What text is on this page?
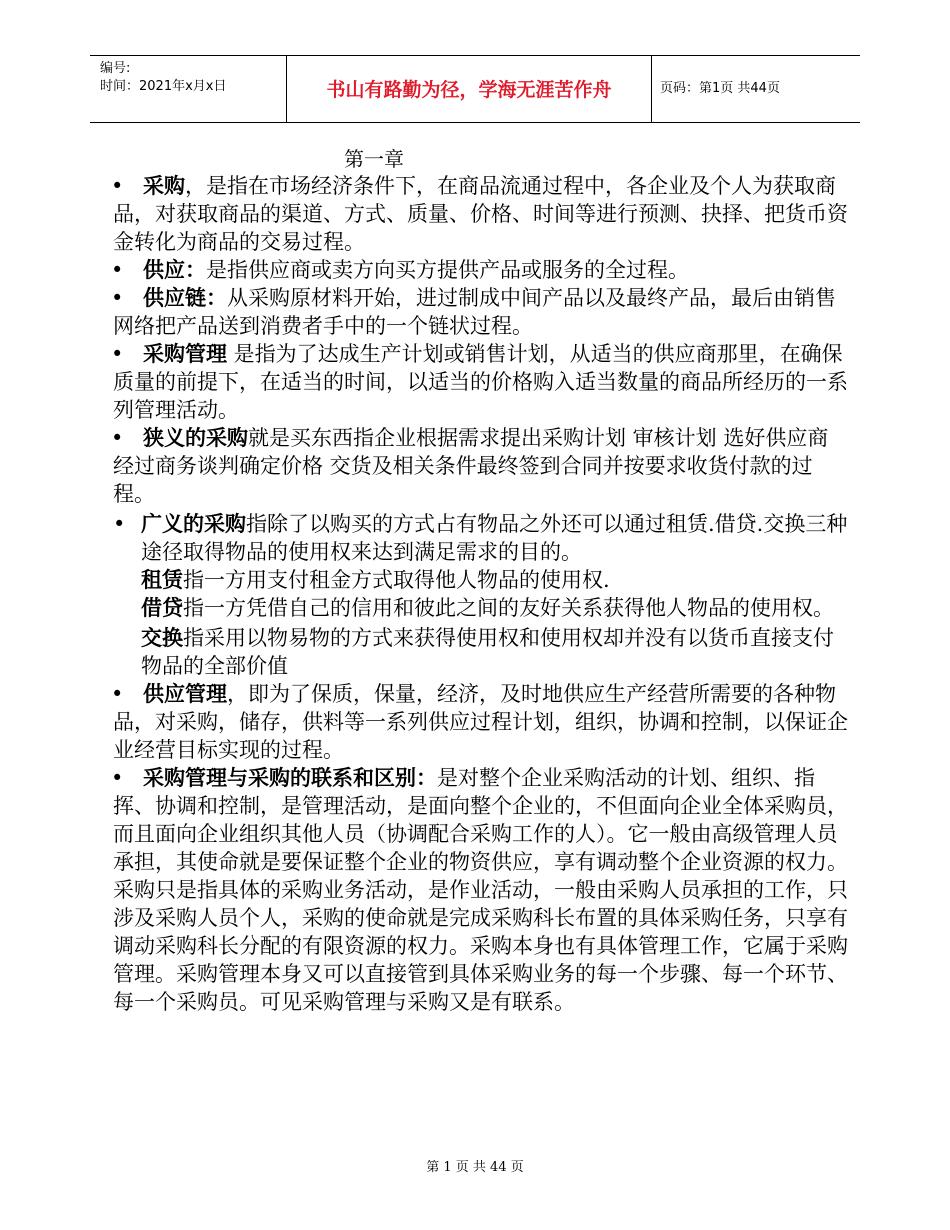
编号:
时间：2021年x月x日	书山有路勤为径，学海无涯苦作舟	页码：第1页 共44页
第一章

• 采购，是指在市场经济条件下，在商品流通过程中，各企业及个人为获取商品，对获取商品的渠道、方式、质量、价格、时间等进行预测、抉择、把货币资金转化为商品的交易过程。

• 供应：是指供应商或卖方向买方提供产品或服务的全过程。

• 供应链：从采购原材料开始，进过制成中间产品以及最终产品，最后由销售网络把产品送到消费者手中的一个链状过程。

• 采购管理 是指为了达成生产计划或销售计划，从适当的供应商那里，在确保质量的前提下，在适当的时间，以适当的价格购入适当数量的商品所经历的一系列管理活动。

• 狭义的采购就是买东西指企业根据需求提出采购计划 审核计划 选好供应商 经过商务谈判确定价格 交货及相关条件最终签到合同并按要求收货付款的过程。

• 广义的采购指除了以购买的方式占有物品之外还可以通过租赁.借贷.交换三种途径取得物品的使用权来达到满足需求的目的。

租赁指一方用支付租金方式取得他人物品的使用权.

借贷指一方凭借自己的信用和彼此之间的友好关系获得他人物品的使用权。

交换指采用以物易物的方式来获得使用权和使用权却并没有以货币直接支付物品的全部价值

• 供应管理，即为了保质，保量，经济，及时地供应生产经营所需要的各种物品，对采购，储存，供料等一系列供应过程计划，组织，协调和控制，以保证企业经营目标实现的过程。

• 采购管理与采购的联系和区别：是对整个企业采购活动的计划、组织、指挥、协调和控制，是管理活动，是面向整个企业的，不但面向企业全体采购员，而且面向企业组织其他人员（协调配合采购工作的人）。它一般由高级管理人员承担，其使命就是要保证整个企业的物资供应，享有调动整个企业资源的权力。采购只是指具体的采购业务活动，是作业活动，一般由采购人员承担的工作，只涉及采购人员个人，采购的使命就是完成采购科长布置的具体采购任务，只享有调动采购科长分配的有限资源的权力。采购本身也有具体管理工作，它属于采购管理。采购管理本身又可以直接管到具体采购业务的每一个步骤、每一个环节、每一个采购员。可见采购管理与采购又是有联系。

第 1 页 共 44 页
